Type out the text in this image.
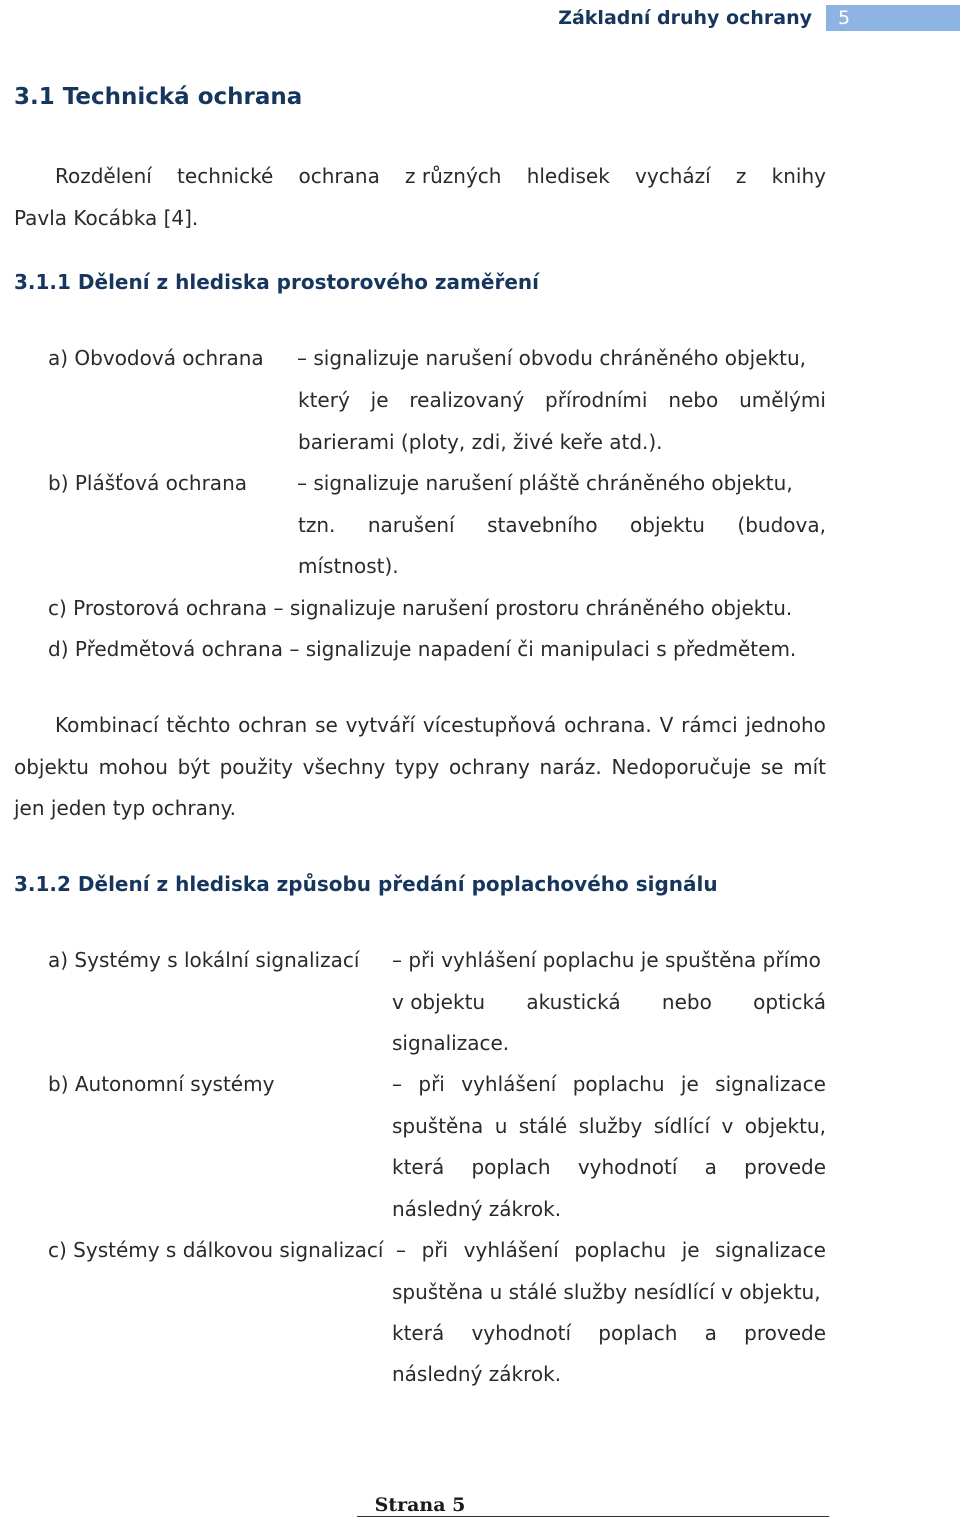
Základní druhy ochrany	5
3.1 Technická ochrana
Rozdělení technické ochrana z různých hledisek vychází z knihy
Pavla Kocábka [4].
3.1.1 Dělení z hlediska prostorového zaměření
a) Obvodová ochrana – signalizuje narušení obvodu chráněného objektu,
který je realizovaný přírodními nebo umělými
barierami (ploty, zdi, živé keře atd.).
b) Plášťová ochrana	– signalizuje narušení pláště chráněného objektu,
tzn. narušení stavebního objektu (budova,
místnost).
c) Prostorová ochrana – signalizuje narušení prostoru chráněného objektu.
d) Předmětová ochrana – signalizuje napadení či manipulaci s předmětem.
Kombinací těchto ochran se vytváří vícestupňová ochrana. V rámci jednoho
objektu mohou být použity všechny typy ochrany naráz. Nedoporučuje se mít
jen jeden typ ochrany.
3.1.2 Dělení z hlediska způsobu předání poplachového signálu
a) Systémy s lokální signalizací – při vyhlášení poplachu je spuštěna přímo
v objektu akustická nebo optická
signalizace.
b) Autonomní systémy	– při vyhlášení poplachu je signalizace
spuštěna u stálé služby sídlící v objektu,
která poplach vyhodnotí a provede
následný zákrok.
c) Systémy s dálkovou signalizací – při vyhlášení poplachu je signalizace
spuštěna u stálé služby nesídlící v objektu,
která vyhodnotí poplach a provede
následný zákrok.
Strana 5
